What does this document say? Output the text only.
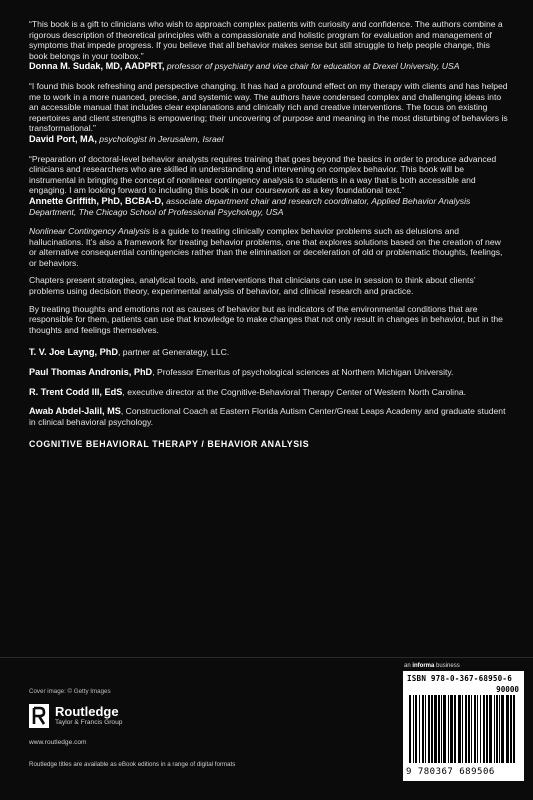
“This book is a gift to clinicians who wish to approach complex patients with curiosity and confidence. The authors combine a rigorous description of theoretical principles with a compassionate and holistic program for evaluation and management of symptoms that impede progress. If you believe that all behavior makes sense but still struggle to help people change, this book belongs in your toolbox.”

Donna M. Sudak, MD, AADPRT, professor of psychiatry and vice chair for education at Drexel University, USA

“I found this book refreshing and perspective changing. It has had a profound effect on my therapy with clients and has helped me to work in a more nuanced, precise, and systemic way. The authors have condensed complex and challenging ideas into an accessible manual that includes clear explanations and clinically rich and creative interventions. The focus on existing repertoires and client strengths is empowering; their uncovering of purpose and meaning in the most disturbing of behaviors is transformational.”

David Port, MA, psychologist in Jerusalem, Israel

“Preparation of doctoral-level behavior analysts requires training that goes beyond the basics in order to produce advanced clinicians and researchers who are skilled in understanding and intervening on complex behavior. This book will be instrumental in bringing the concept of nonlinear contingency analysis to students in a way that is both accessible and engaging. I am looking forward to including this book in our coursework as a key foundational text.”

Annette Griffith, PhD, BCBA-D, associate department chair and research coordinator, Applied Behavior Analysis Department, The Chicago School of Professional Psychology, USA

Nonlinear Contingency Analysis is a guide to treating clinically complex behavior problems such as delusions and hallucinations. It’s also a framework for treating behavior problems, one that explores solutions based on the creation of new or alternative consequential contingencies rather than the elimination or deceleration of old or problematic thoughts, feelings, or behaviors.

Chapters present strategies, analytical tools, and interventions that clinicians can use in session to think about clients’ problems using decision theory, experimental analysis of behavior, and clinical research and practice.

By treating thoughts and emotions not as causes of behavior but as indicators of the environmental conditions that are responsible for them, patients can use that knowledge to make changes that not only result in changes in behavior, but in the thoughts and feelings themselves.

T. V. Joe Layng, PhD, partner at Generategy, LLC.
Paul Thomas Andronis, PhD, Professor Emeritus of psychological sciences at Northern Michigan University.
R. Trent Codd III, EdS, executive director at the Cognitive-Behavioral Therapy Center of Western North Carolina.
Awab Abdel-Jalil, MS, Constructional Coach at Eastern Florida Autism Center/Great Leaps Academy and graduate student in clinical behavioral psychology.
COGNITIVE BEHAVIORAL THERAPY / BEHAVIOR ANALYSIS
an informa business
Cover image: © Getty Images
Routledge
Taylor & Francis Group
www.routledge.com
Routledge titles are available as eBook editions in a range of digital formats
ISBN 978-0-367-68950-6
90000
9 780367 689506
